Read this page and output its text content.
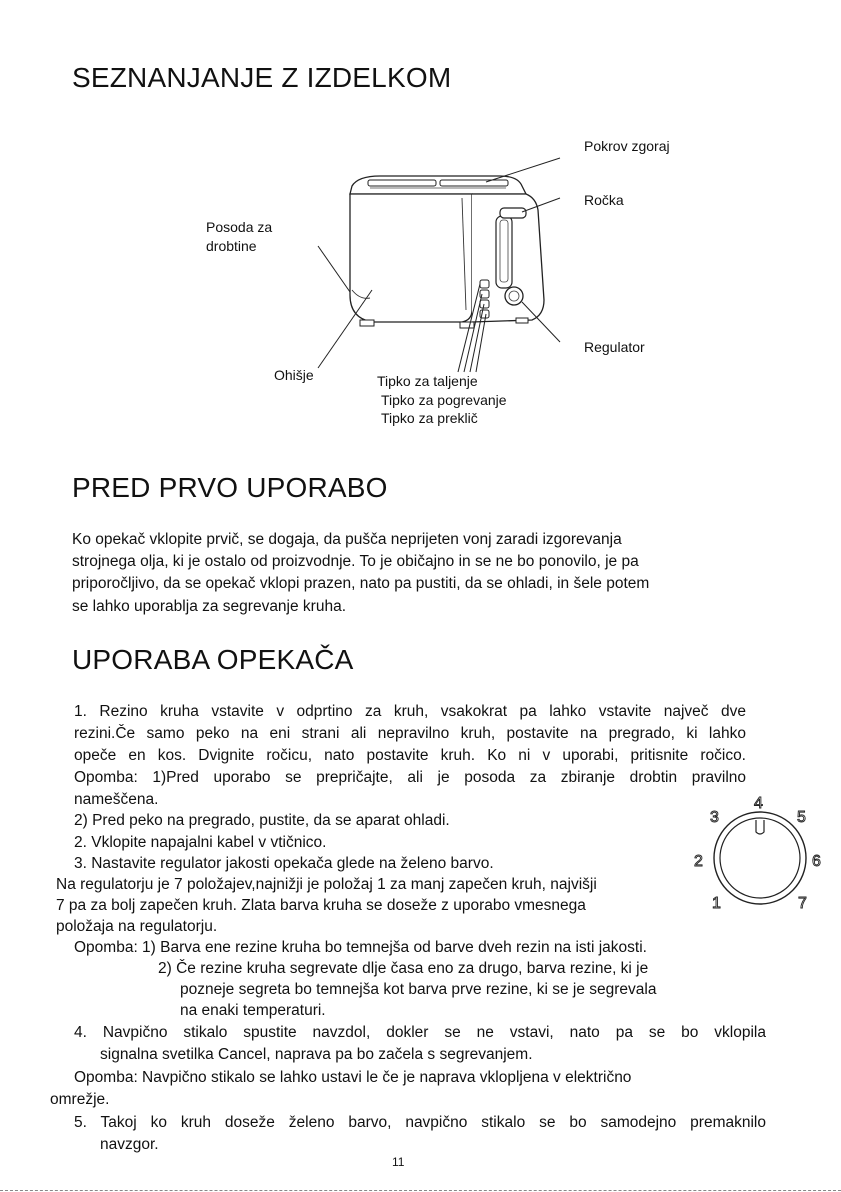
SEZNANJANJE Z IZDELKOM
Pokrov zgoraj
Ročka
Posoda za
drobtine
Regulator
Ohišje	Tipko za taljenje
Tipko za pogrevanje
Tipko za preklič
PRED PRVO UPORABO
Ko opekač vklopite prvič, se dogaja, da pušča neprijeten vonj zaradi izgorevanja
strojnega olja, ki je ostalo od proizvodnje. To je običajno in se ne bo ponovilo, je pa
priporočljivo, da se opekač vklopi prazen, nato pa pustiti, da se ohladi, in šele potem
se lahko uporablja za segrevanje kruha.
UPORABA OPEKAČA
1. Rezino kruha vstavite v odprtino za kruh, vsakokrat pa lahko vstavite največ dve
rezini.Če samo peko na eni strani ali nepravilno kruh, postavite na pregrado, ki lahko
opeče en kos. Dvignite ročicu, nato postavite kruh. Ko ni v uporabi, pritisnite ročico.
Opomba: 1)Pred uporabo se prepričajte, ali je posoda za zbiranje drobtin pravilno
nameščena.
2) Pred peko na pregrado, pustite, da se aparat ohladi.
2. Vklopite napajalni kabel v vtičnico.
3. Nastavite regulator jakosti opekača glede na želeno barvo.
Na regulatorju je 7 položajev,najnižji je položaj 1 za manj zapečen kruh, najvišji
7 pa za bolj zapečen kruh. Zlata barva kruha se doseže z uporabo vmesnega
položaja na regulatorju.
Opomba: 1) Barva ene rezine kruha bo temnejša od barve dveh rezin na isti jakosti.
2) Če rezine kruha segrevate dlje časa eno za drugo, barva rezine, ki je
pozneje segreta bo temnejša kot barva prve rezine, ki se je segrevala
na enaki temperaturi.
4. Navpično stikalo spustite navzdol, dokler se ne vstavi, nato pa se bo vklopila
signalna svetilka Cancel, naprava pa bo začela s segrevanjem.
Opomba: Navpično stikalo se lahko ustavi le če je naprava vklopljena v električno
omrežje.
5. Takoj ko kruh doseže želeno barvo, navpično stikalo se bo samodejno premaknilo
navzgor.
1
2
3
4
5
6
7
11
